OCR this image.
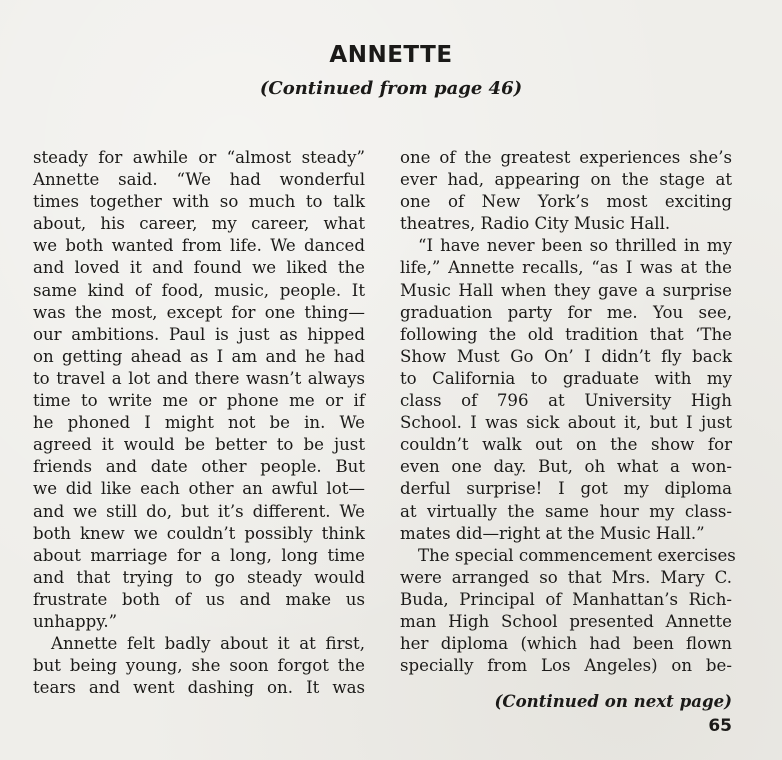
ANNETTE
(Continued from page 46)
steady for awhile or “almost steady”
Annette said. “We had wonderful
times together with so much to talk
about, his career, my career, what
we both wanted from life. We danced
and loved it and found we liked the
same kind of food, music, people. It
was the most, except for one thing—
our ambitions. Paul is just as hipped
on getting ahead as I am and he had
to travel a lot and there wasn’t always
time to write me or phone me or if
he phoned I might not be in. We
agreed it would be better to be just
friends and date other people. But
we did like each other an awful lot—
and we still do, but it’s different. We
both knew we couldn’t possibly think
about marriage for a long, long time
and that trying to go steady would
frustrate both of us and make us
unhappy.”
Annette felt badly about it at first,
but being young, she soon forgot the
tears and went dashing on. It was
one of the greatest experiences she’s
ever had, appearing on the stage at
one of New York’s most exciting
theatres, Radio City Music Hall.
“I have never been so thrilled in my
life,” Annette recalls, “as I was at the
Music Hall when they gave a surprise
graduation party for me. You see,
following the old tradition that ‘The
Show Must Go On’ I didn’t fly back
to California to graduate with my
class of 796 at University High
School. I was sick about it, but I just
couldn’t walk out on the show for
even one day. But, oh what a won-
derful surprise! I got my diploma
at virtually the same hour my class-
mates did—right at the Music Hall.”
The special commencement exercises
were arranged so that Mrs. Mary C.
Buda, Principal of Manhattan’s Rich-
man High School presented Annette
her diploma (which had been flown
specially from Los Angeles) on be-
(Continued on next page)
65
